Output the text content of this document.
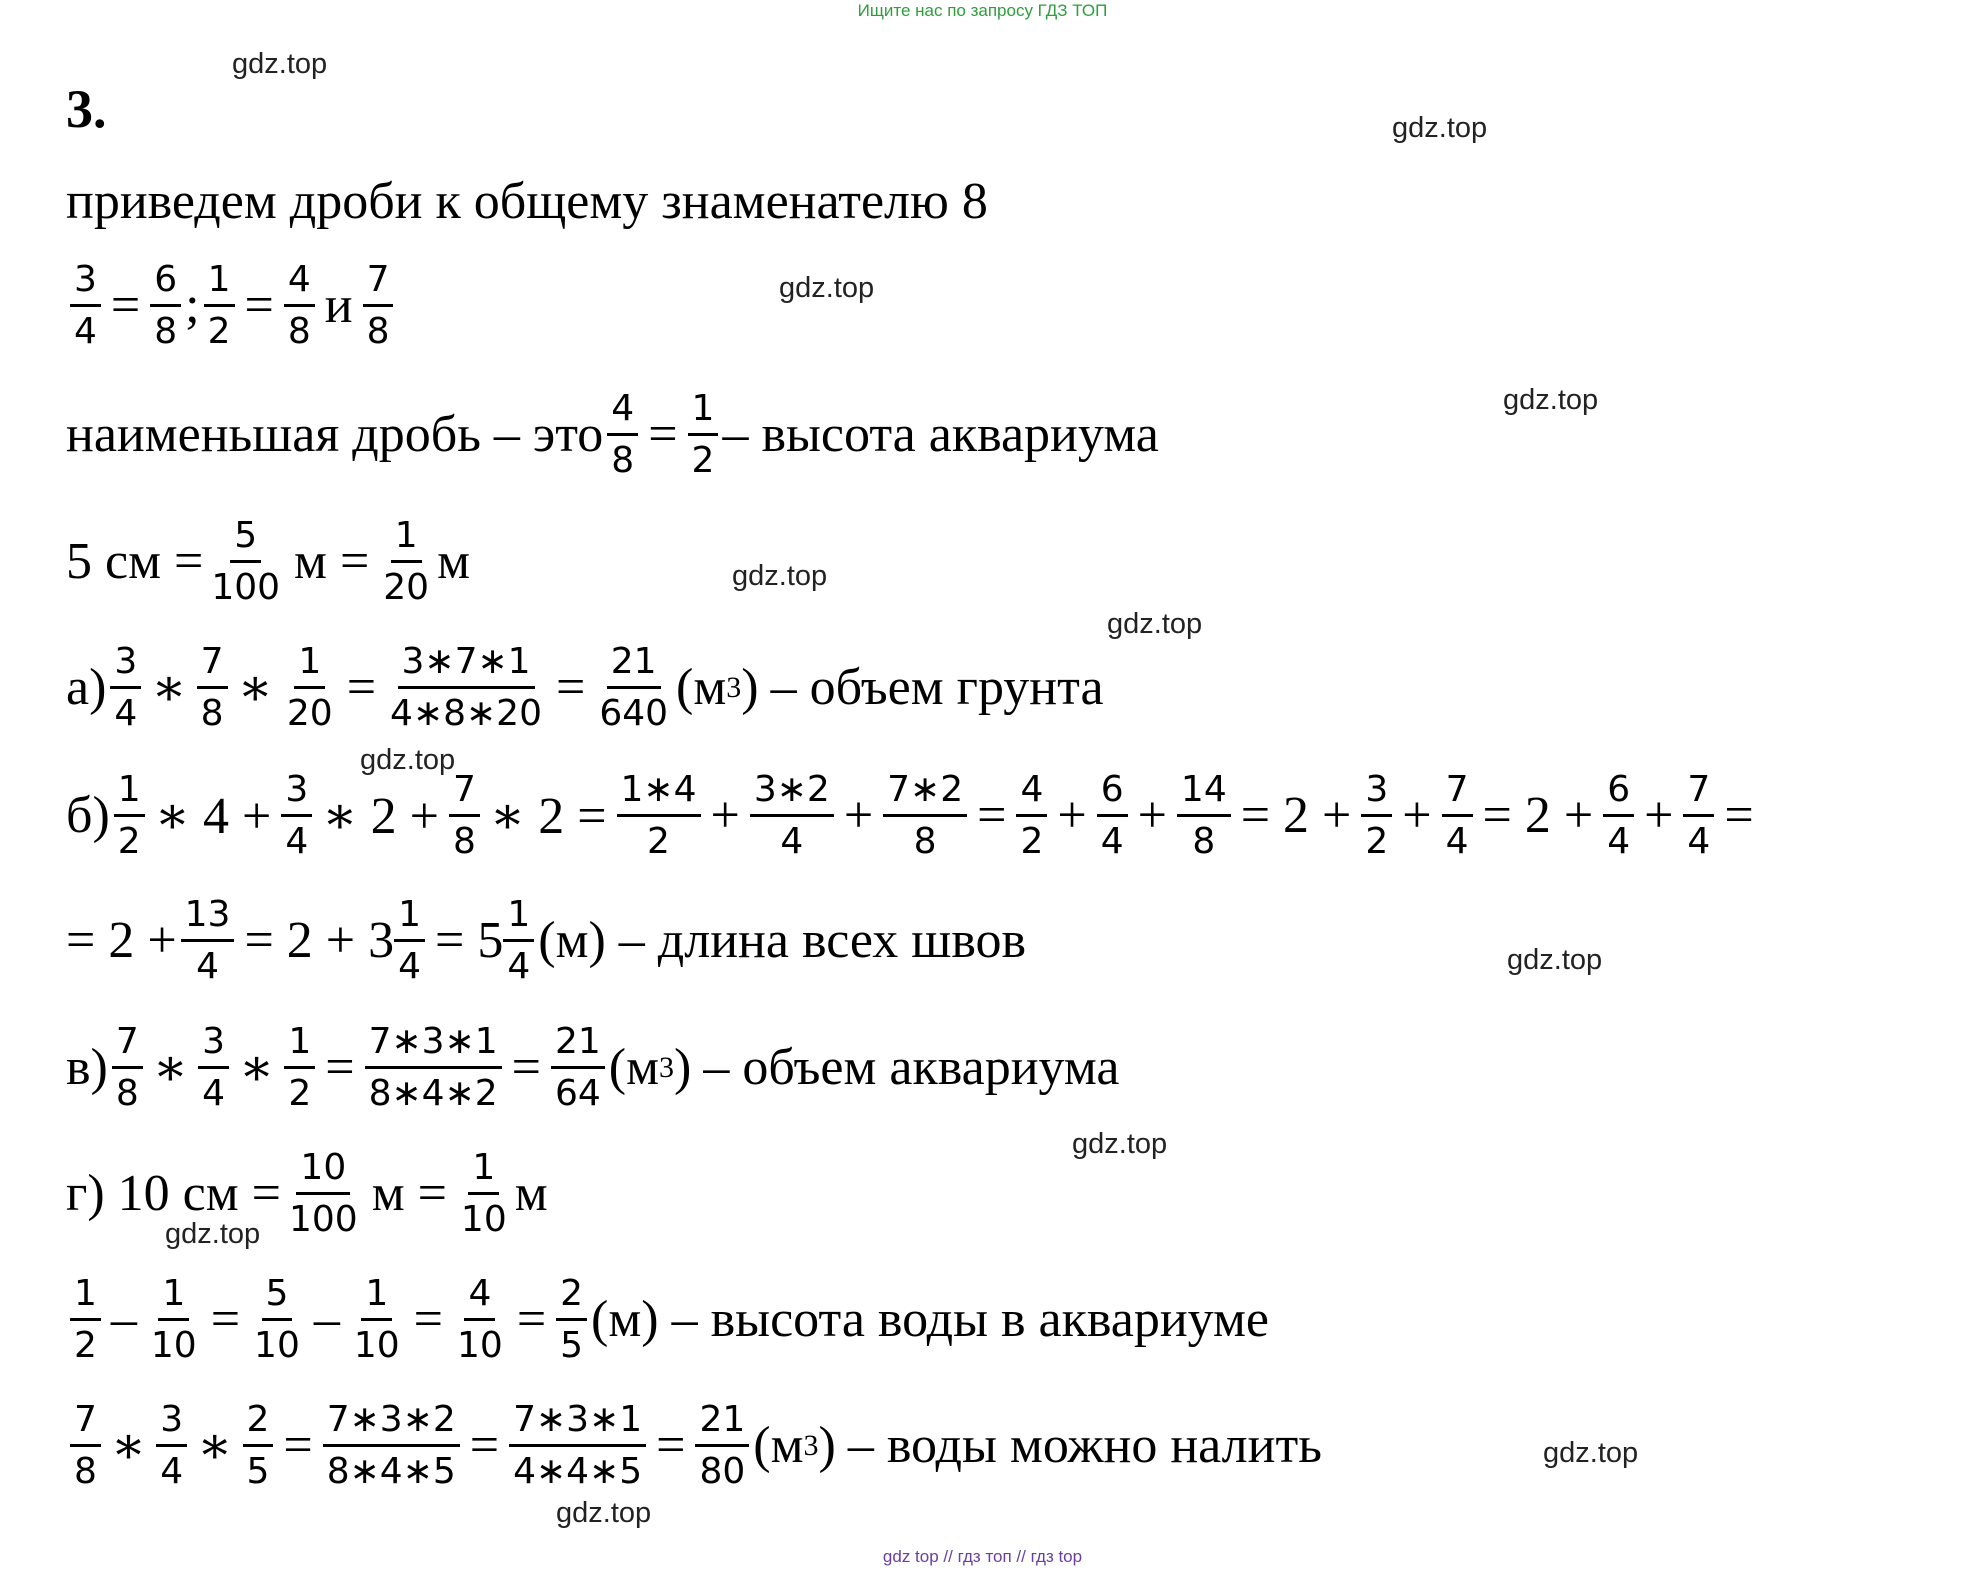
Ищите нас по запросу ГДЗ ТОП
gdz.top
gdz.top
gdz.top
gdz.top
gdz.top
gdz.top
gdz.top
gdz.top
gdz.top
gdz.top
gdz.top
gdz.top
3.
приведем дроби к общему знаменателю 8
$\frac{3}{4} = \frac{6}{8}$ ; $\frac{1}{2} = \frac{4}{8}$ и 7
8
наименьшая дробь – это $\frac{4}{8} = \frac{1}{2}$ – высота аквариума
5 см = $\frac{5}{100}$ $м = \frac{1}{20}$ м
а) 3
4 ∗ 7
8 ∗ $\frac{1}{20} = \frac{3∗7∗1}{4∗8∗20} = \frac{21}{640} (м$ 3 ) – объем грунта
б) 1
2 ∗ $4 + \frac{3}{4}$ ∗ $2 + \frac{7}{8}$ ∗ $2 = \frac{1∗4}{2} + \frac{3∗2}{4} + \frac{7∗2}{8} = \frac{4}{2} + \frac{6}{4} + \frac{14}{8} = 2 + \frac{3}{2} + \frac{7}{4} = 2 + \frac{6}{4} + \frac{7}{4}$ =
= $2 + \frac{13}{4} = 2 + 3 \frac{1}{4} = 5$ 1
4 (м) – длина всех швов
в) 7
8 ∗ 3
4 ∗ $\frac{1}{2} = \frac{7∗3∗1}{8∗4∗2} = \frac{21}{64} (м$ 3 ) – объем аквариума
г) 10 см = $\frac{10}{100}$ $м = \frac{1}{10}$ м
1
$2 - \frac{1}{10} = \frac{5}{10} - \frac{1}{10} = \frac{4}{10} = \frac{2}{5} (м)$ – высота воды в аквариуме
7
8 ∗ 3
4 ∗ $\frac{2}{5} = \frac{7∗3∗2}{8∗4∗5} = \frac{7∗3∗1}{4∗4∗5} = \frac{21}{80} (м$ 3 ) – воды можно налить
gdz top // гдз топ // гдз top
